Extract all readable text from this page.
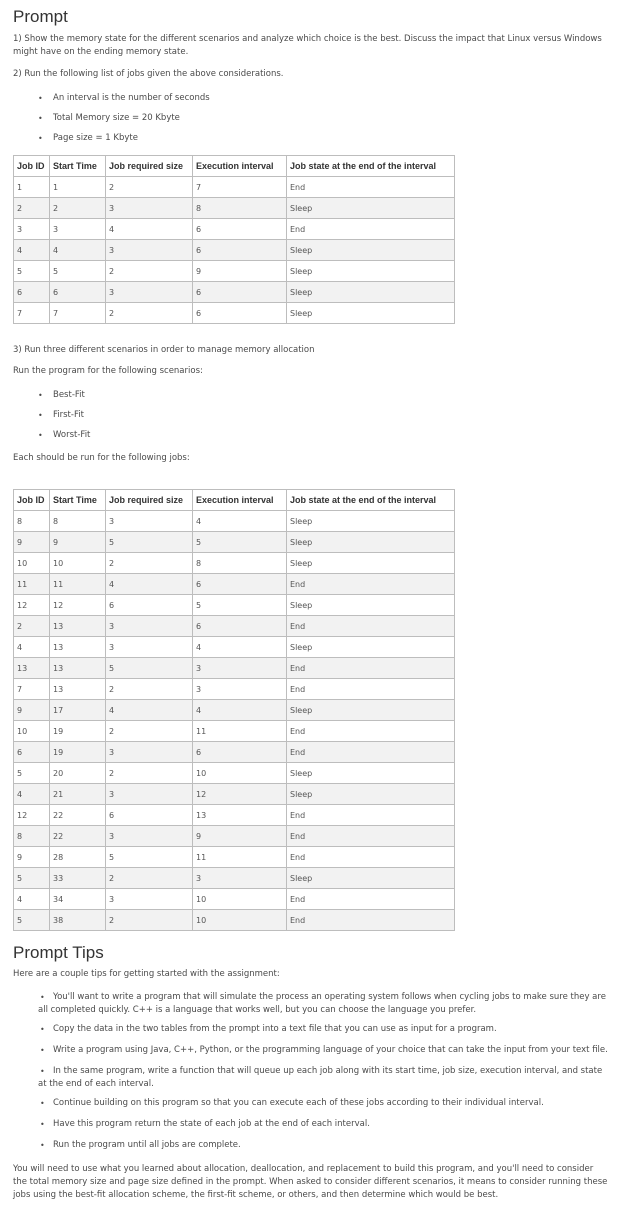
Prompt

1) Show the memory state for the different scenarios and analyze which choice is the best. Discuss the impact that Linux versus Windows might have on the ending memory state.

2) Run the following list of jobs given the above considerations.

• An interval is the number of seconds
• Total Memory size = 20 Kbyte
• Page size = 1 Kbyte
Job ID	Start Time	Job required size	Execution interval	Job state at the end of the interval
1	1	2	7	End
2	2	3	8	Sleep
3	3	4	6	End
4	4	3	6	Sleep
5	5	2	9	Sleep
6	6	3	6	Sleep
7	7	2	6	Sleep

3) Run three different scenarios in order to manage memory allocation

Run the program for the following scenarios:

• Best-Fit
• First-Fit
• Worst-Fit

Each should be run for the following jobs:

Job ID	Start Time	Job required size	Execution interval	Job state at the end of the interval
8	8	3	4	Sleep
9	9	5	5	Sleep
10	10	2	8	Sleep
11	11	4	6	End
12	12	6	5	Sleep
2	13	3	6	End
4	13	3	4	Sleep
13	13	5	3	End
7	13	2	3	End
9	17	4	4	Sleep
10	19	2	11	End
6	19	3	6	End
5	20	2	10	Sleep
4	21	3	12	Sleep
12	22	6	13	End
8	22	3	9	End
9	28	5	11	End
5	33	2	3	Sleep
4	34	3	10	End
5	38	2	10	End
Prompt Tips

Here are a couple tips for getting started with the assignment:

• You'll want to write a program that will simulate the process an operating system follows when cycling jobs to make sure they are all completed quickly. C++ is a language that works well, but you can choose the language you prefer.
• Copy the data in the two tables from the prompt into a text file that you can use as input for a program.
• Write a program using Java, C++, Python, or the programming language of your choice that can take the input from your text file.
• In the same program, write a function that will queue up each job along with its start time, job size, execution interval, and state at the end of each interval.
• Continue building on this program so that you can execute each of these jobs according to their individual interval.
• Have this program return the state of each job at the end of each interval.
• Run the program until all jobs are complete.

You will need to use what you learned about allocation, deallocation, and replacement to build this program, and you'll need to consider the total memory size and page size defined in the prompt. When asked to consider different scenarios, it means to consider running these jobs using the best-fit allocation scheme, the first-fit scheme, or others, and then determine which would be best.
